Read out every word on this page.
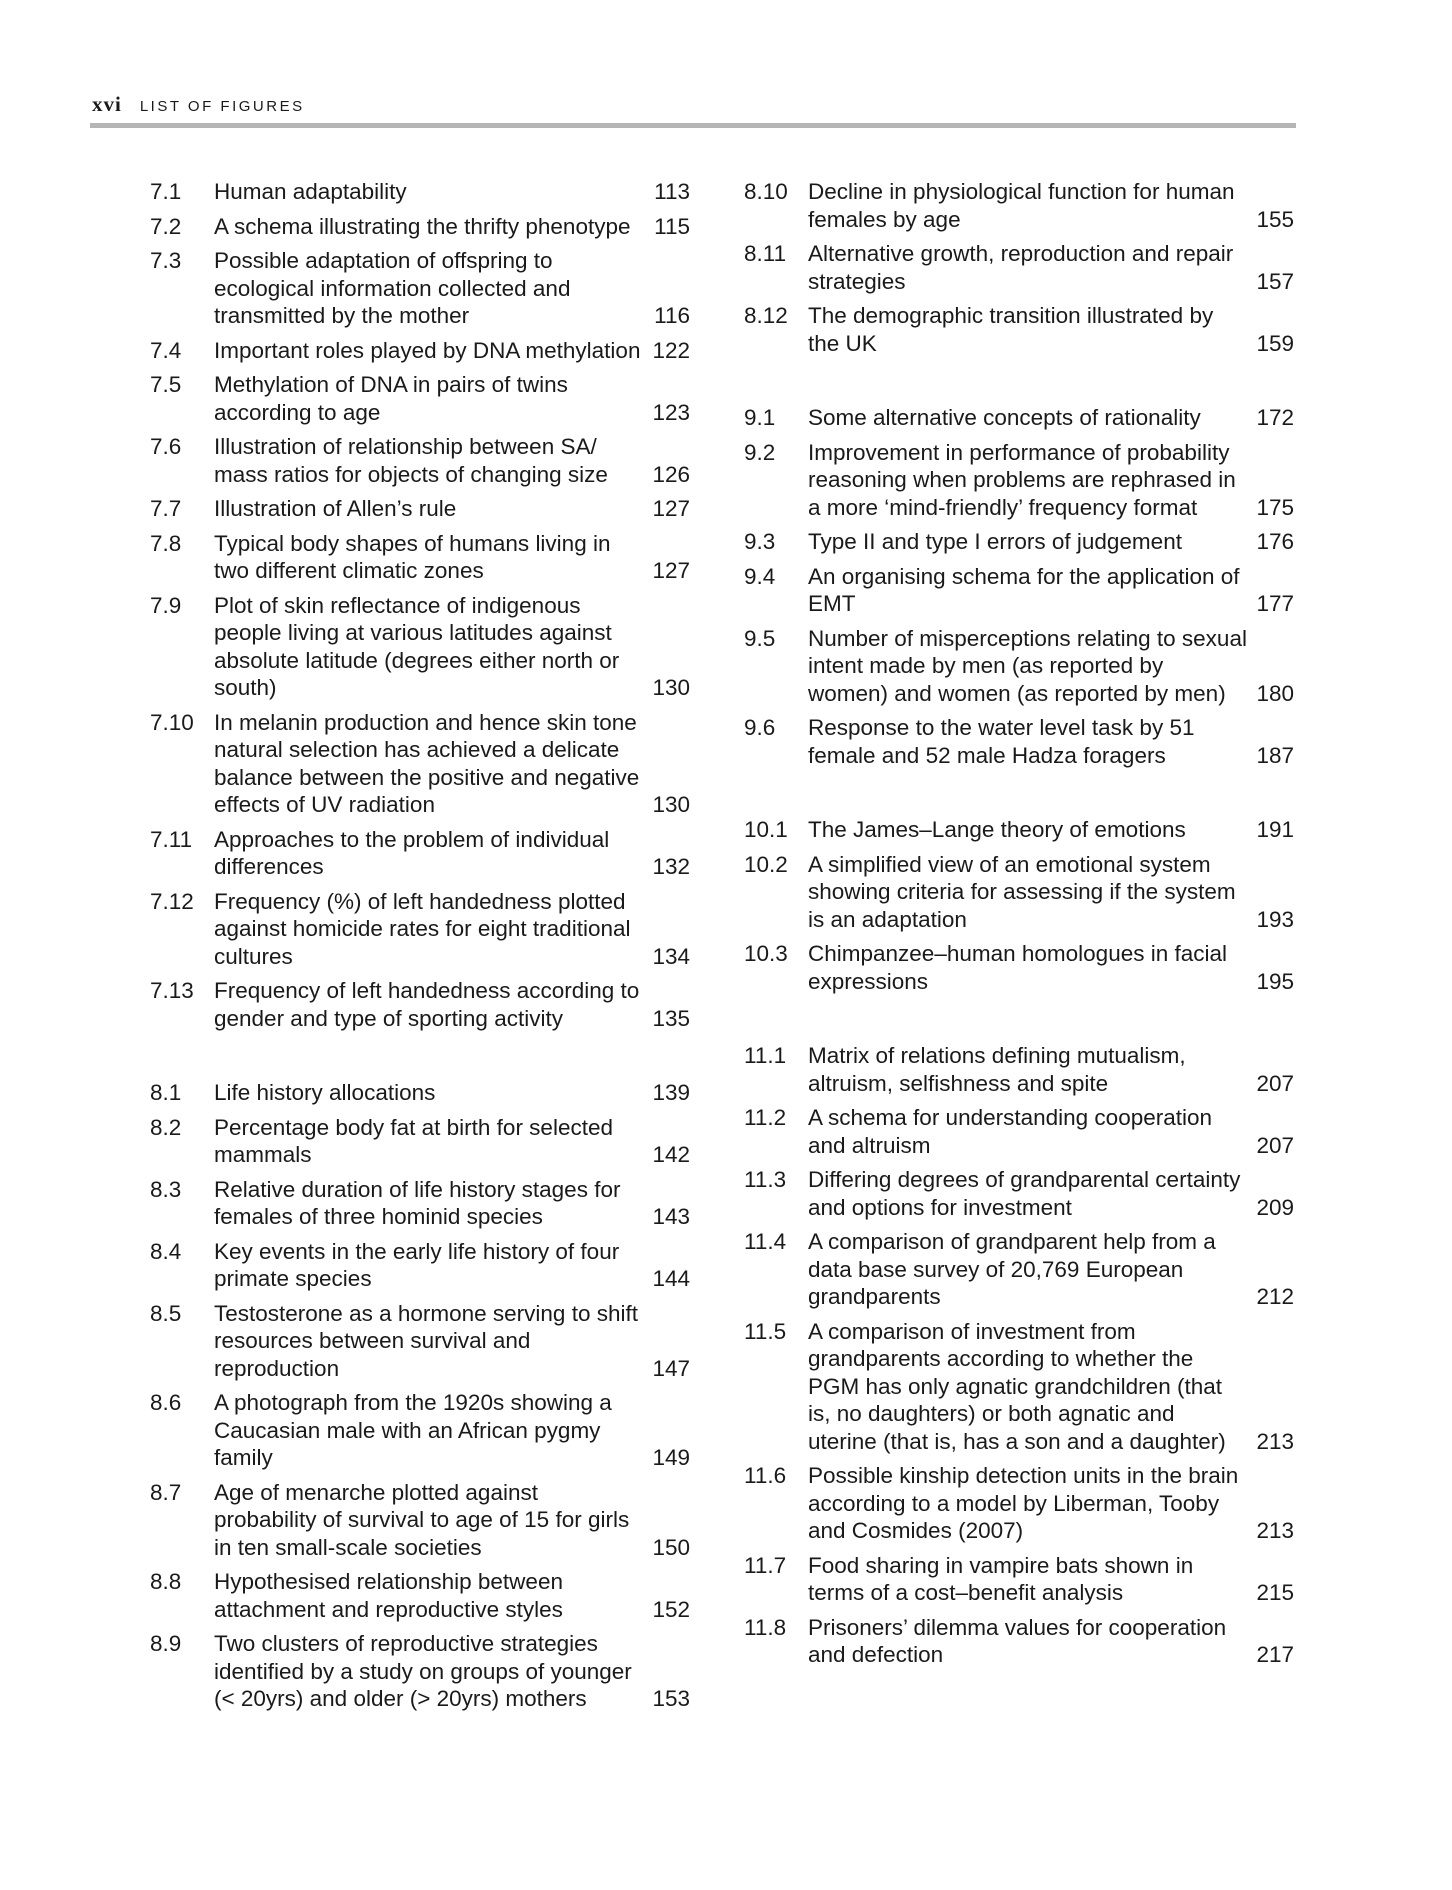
xvi LIST OF FIGURES
7.1	Human adaptability	113
7.2	A schema illustrating the thrifty phenotype	115
7.3	Possible adaptation of offspring to ecological information collected and transmitted by the mother	116
7.4	Important roles played by DNA methylation 122
7.5	Methylation of DNA in pairs of twins according to age	123
7.6	Illustration of relationship between SA/ mass ratios for objects of changing size	126
7.7	Illustration of Allen’s rule	127
7.8	Typical body shapes of humans living in two different climatic zones	127
7.9	Plot of skin reflectance of indigenous people living at various latitudes against absolute latitude (degrees either north or south)	130
7.10 In melanin production and hence skin tone natural selection has achieved a delicate balance between the positive and negative effects of UV radiation	130
7.11 Approaches to the problem of individual differences	132
7.12 Frequency (%) of left handedness plotted against homicide rates for eight traditional cultures	134
7.13 Frequency of left handedness according to gender and type of sporting activity	135
8.1	Life history allocations	139
8.2	Percentage body fat at birth for selected mammals	142
8.3	Relative duration of life history stages for females of three hominid species	143
8.4	Key events in the early life history of four primate species	144
8.5	Testosterone as a hormone serving to shift resources between survival and reproduction	147
8.6	A photograph from the 1920s showing a Caucasian male with an African pygmy family	149
8.7	Age of menarche plotted against probability of survival to age of 15 for girls in ten small-scale societies	150
8.8	Hypothesised relationship between attachment and reproductive styles	152
8.9	Two clusters of reproductive strategies identified by a study on groups of younger (< 20yrs) and older (> 20yrs) mothers	153
8.10 Decline in physiological function for human females by age	155
8.11 Alternative growth, reproduction and repair strategies	157
8.12 The demographic transition illustrated by the UK	159
9.1	Some alternative concepts of rationality	172
9.2	Improvement in performance of probability reasoning when problems are rephrased in a more ‘mind-friendly’ frequency format	175
9.3	Type II and type I errors of judgement	176
9.4	An organising schema for the application of EMT	177
9.5	Number of misperceptions relating to sexual intent made by men (as reported by women) and women (as reported by men)	180
9.6	Response to the water level task by 51 female and 52 male Hadza foragers	187
10.1 The James–Lange theory of emotions	191
10.2 A simplified view of an emotional system showing criteria for assessing if the system is an adaptation	193
10.3 Chimpanzee–human homologues in facial expressions	195
11.1 Matrix of relations defining mutualism, altruism, selfishness and spite	207
11.2 A schema for understanding cooperation and altruism	207
11.3 Differing degrees of grandparental certainty and options for investment	209
11.4 A comparison of grandparent help from a data base survey of 20,769 European grandparents	212
11.5 A comparison of investment from grandparents according to whether the PGM has only agnatic grandchildren (that is, no daughters) or both agnatic and uterine (that is, has a son and a daughter)	213
11.6 Possible kinship detection units in the brain according to a model by Liberman, Tooby and Cosmides (2007)	213
11.7 Food sharing in vampire bats shown in terms of a cost–benefit analysis	215
11.8 Prisoners’ dilemma values for cooperation and defection	217
